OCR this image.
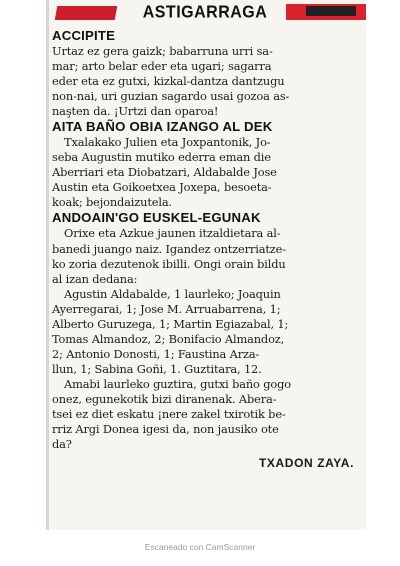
ASTIGARRAGA
ACCIPITE

Urtaz ez gera gaizk; babarruna urri sa-

mar; arto belar eder eta ugari; sagarra

eder eta ez gutxi, kizkal-dantza dantzugu

non-nai, uri guzian sagardo usai gozoa as-

naşten da. ¡Urtzi dan oparoa!

AITA BAÑO OBIA IZANGO AL DEK

Txalakako Julien eta Joxpantonik, Jo-

seba Augustin mutiko ederra eman die

Aberriari eta Diobatzari, Aldabalde Jose

Austin eta Goikoetxea Joxepa, besoeta-

koak; bejondaizutela.

ANDOAIN'GO EUSKEL-EGUNAK

Orixe eta Azkue jaunen itzaldietara al-

banedi juango naiz. Igandez ontzerriatze-

ko zoria dezutenok ibilli. Ongi orain bildu

al izan dedana:

Agustin Aldabalde, 1 laurleko; Joaquin

Ayerregarai, 1; Jose M. Arruabarrena, 1;

Alberto Guruzega, 1; Martin Egiazabal, 1;

Tomas Almandoz, 2; Bonifacio Almandoz,

2; Antonio Donosti, 1; Faustina Arza-

llun, 1; Sabina Goñi, 1. Guztitara, 12.

Amabi laurleko guztira, gutxi baño gogo

onez, egunekotik bizi diranenak. Abera-

tsei ez diet eskatu ¡nere zakel txirotik be-

rriz Argi Donea igesi da, non jausiko ote

da?

TXADON ZAYA.
Escaneado con CamScanner
